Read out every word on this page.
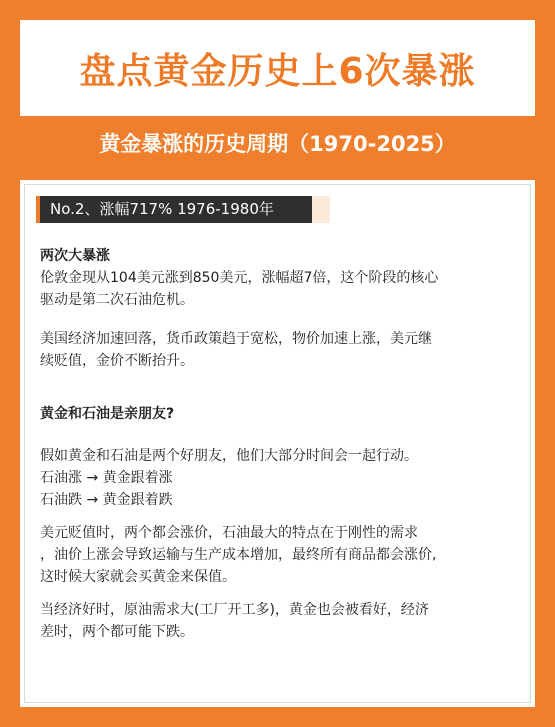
盘点黄金历史上6次暴涨
黄金暴涨的历史周期（1970-2025）
No.2、涨幅717% 1976-1980年
两次大暴涨
伦敦金现从104美元涨到850美元，涨幅超7倍，这个阶段的核心
驱动是第二次石油危机。
美国经济加速回落，货币政策趋于宽松，物价加速上涨，美元继
续贬值，金价不断抬升。
黄金和石油是亲朋友?
假如黄金和石油是两个好朋友，他们大部分时间会一起行动。
石油涨 → 黄金跟着涨
石油跌 → 黄金跟着跌
美元贬值时，两个都会涨价，石油最大的特点在于刚性的需求
，油价上涨会导致运输与生产成本增加，最终所有商品都会涨价,
这时候大家就会买黄金来保值。
当经济好时，原油需求大(工厂开工多)，黄金也会被看好，经济
差时，两个都可能下跌。
